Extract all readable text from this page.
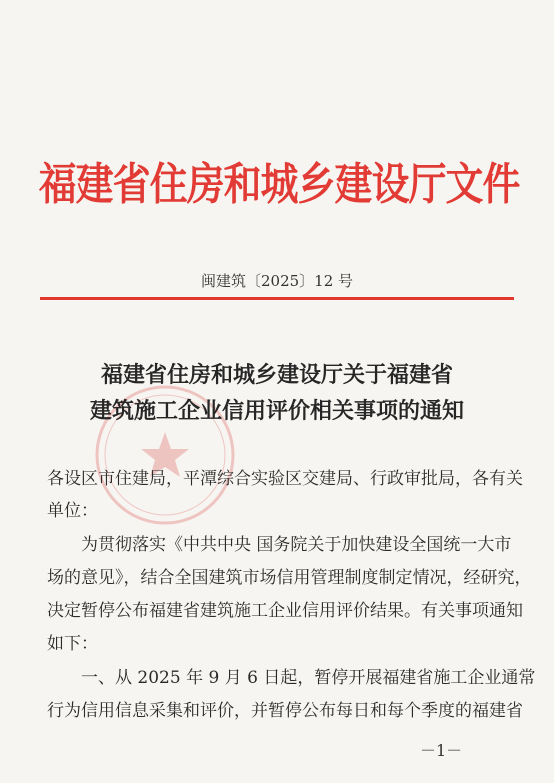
福建省住房和城乡建设厅文件
闽建筑〔2025〕12 号
福建省住房和城乡建设厅关于福建省
建筑施工企业信用评价相关事项的通知
各设区市住建局，平潭综合实验区交建局、行政审批局，各有关
单位：
为贯彻落实《中共中央 国务院关于加快建设全国统一大市
场的意见》，结合全国建筑市场信用管理制度制定情况，经研究，
决定暂停公布福建省建筑施工企业信用评价结果。有关事项通知
如下：
一、从 2025 年 9 月 6 日起，暂停开展福建省施工企业通常
行为信用信息采集和评价，并暂停公布每日和每个季度的福建省
－1－
